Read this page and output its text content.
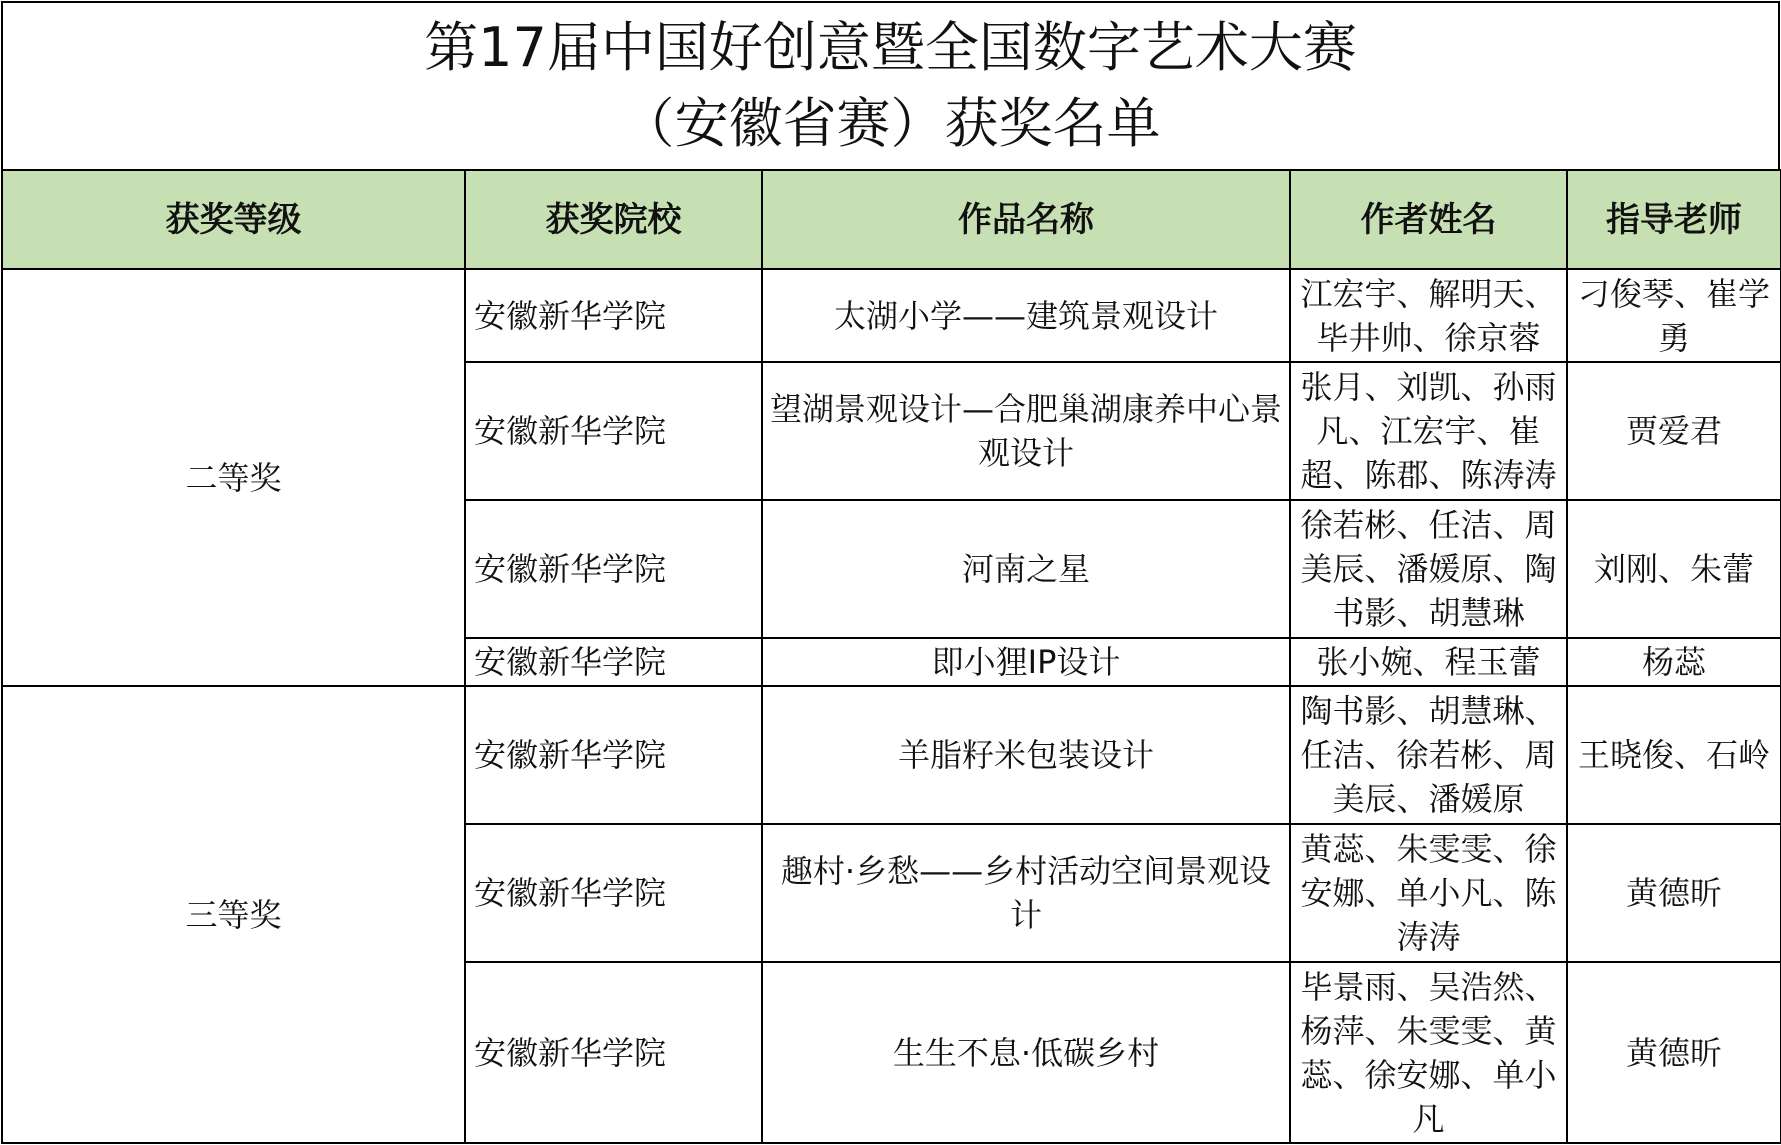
第17届中国好创意暨全国数字艺术大赛
（安徽省赛）获奖名单
获奖等级	获奖院校	作品名称	作者姓名	指导老师
二等奖	安徽新华学院	太湖小学——建筑景观设计	江宏宇、解明天、毕井帅、徐京蓉	刁俊琴、崔学勇
	安徽新华学院	望湖景观设计—合肥巢湖康养中心景观设计	张月、刘凯、孙雨凡、江宏宇、崔超、陈郡、陈涛涛	贾爱君
	安徽新华学院	河南之星	徐若彬、任洁、周美辰、潘媛原、陶书影、胡慧琳	刘刚、朱蕾
	安徽新华学院	即小狸IP设计	张小婉、程玉蕾	杨蕊
三等奖	安徽新华学院	羊脂籽米包装设计	陶书影、胡慧琳、任洁、徐若彬、周美辰、潘媛原	王晓俊、石岭
	安徽新华学院	趣村·乡愁——乡村活动空间景观设计	黄蕊、朱雯雯、徐安娜、单小凡、陈涛涛	黄德昕
	安徽新华学院	生生不息·低碳乡村	毕景雨、吴浩然、杨萍、朱雯雯、黄蕊、徐安娜、单小凡	黄德昕
